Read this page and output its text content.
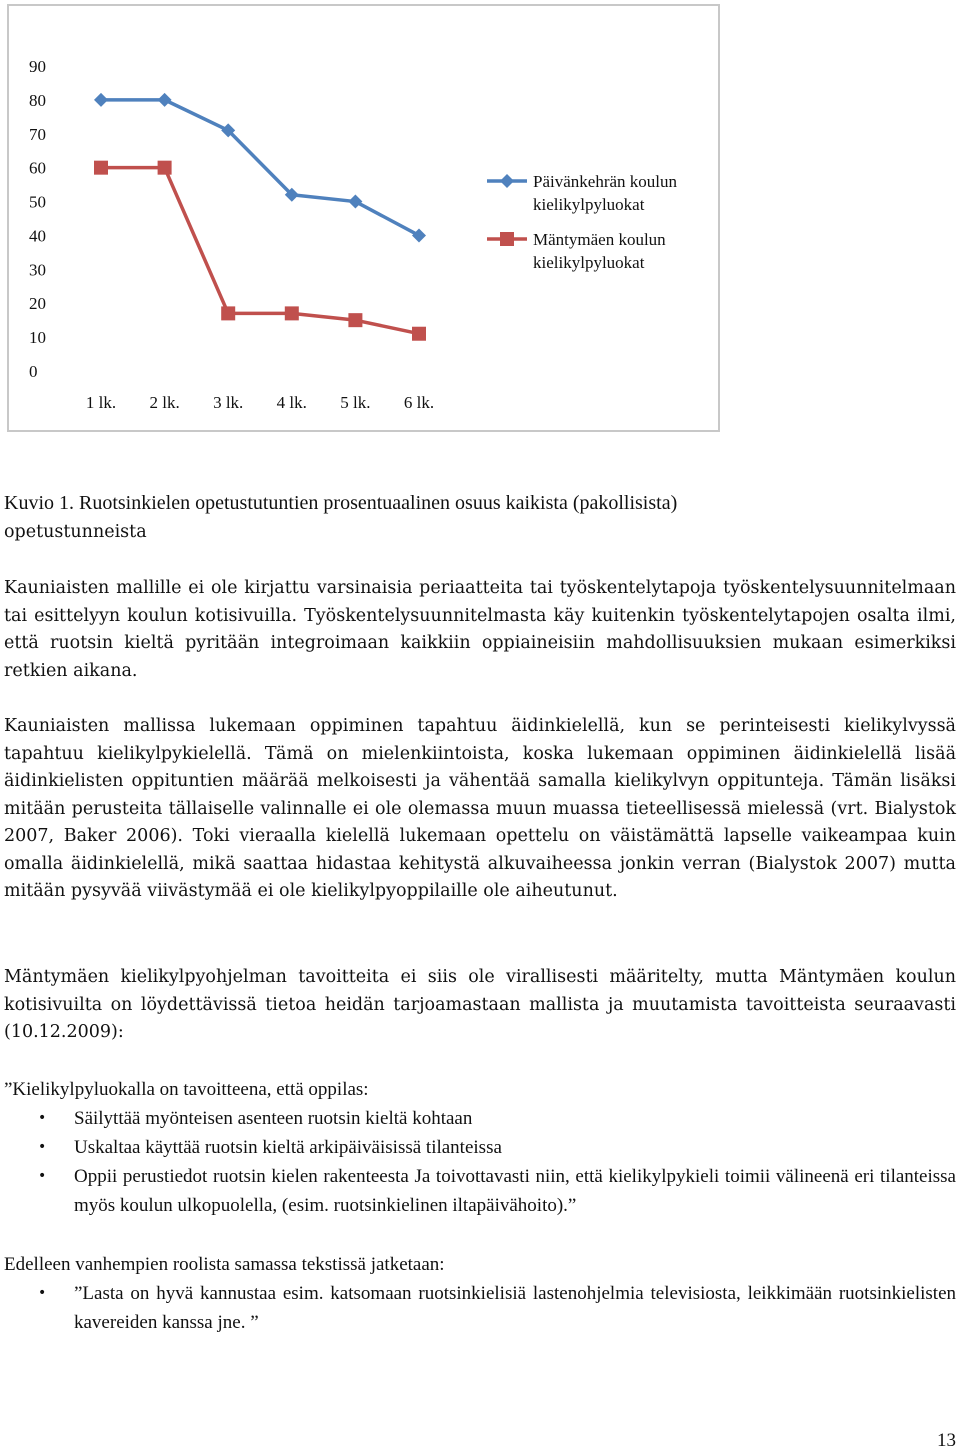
0
10
20
30
40
50
60
70
80
90
1 lk. 2 lk. 3 lk. 4 lk. 5 lk. 6 lk.
Päivänkehrän koulun
kielikylpyluokat
Mäntymäen koulun
kielikylpyluokat

Kuvio 1. Ruotsinkielen opetustutuntien prosentuaalinen osuus kaikista (pakollisista)
opetustunneista

Kauniaisten mallille ei ole kirjattu varsinaisia periaatteita tai työskentelytapoja työskentelysuunnitelmaan tai esittelyyn koulun kotisivuilla. Työskentelysuunnitelmasta käy kuitenkin työskentelytapojen osalta ilmi, että ruotsin kieltä pyritään integroimaan kaikkiin oppiaineisiin mahdollisuuksien mukaan esimerkiksi retkien aikana.

Kauniaisten mallissa lukemaan oppiminen tapahtuu äidinkielellä, kun se perinteisesti kielikylvyssä tapahtuu kielikylpykielellä. Tämä on mielenkiintoista, koska lukemaan oppiminen äidinkielellä lisää äidinkielisten oppituntien määrää melkoisesti ja vähentää samalla kielikylvyn oppitunteja. Tämän lisäksi mitään perusteita tällaiselle valinnalle ei ole olemassa muun muassa tieteellisessä mielessä (vrt. Bialystok 2007, Baker 2006). Toki vieraalla kielellä lukemaan opettelu on väistämättä lapselle vaikeampaa kuin omalla äidinkielellä, mikä saattaa hidastaa kehitystä alkuvaiheessa jonkin verran (Bialystok 2007) mutta mitään pysyvää viivästymää ei ole kielikylpyoppilaille ole aiheutunut.

Mäntymäen kielikylpyohjelman tavoitteita ei siis ole virallisesti määritelty, mutta Mäntymäen koulun kotisivuilta on löydettävissä tietoa heidän tarjoamastaan mallista ja muutamista tavoitteista seuraavasti (10.12.2009):

”Kielikylpyluokalla on tavoitteena, että oppilas:
• Säilyttää myönteisen asenteen ruotsin kieltä kohtaan
• Uskaltaa käyttää ruotsin kieltä arkipäiväisissä tilanteissa
• Oppii perustiedot ruotsin kielen rakenteesta Ja toivottavasti niin, että kielikylpykieli toimii välineenä eri tilanteissa myös koulun ulkopuolella, (esim. ruotsinkielinen iltapäivähoito).”
Edelleen vanhempien roolista samassa tekstissä jatketaan:
• ”Lasta on hyvä kannustaa esim. katsomaan ruotsinkielisiä lastenohjelmia televisiosta, leikkimään ruotsinkielisten kavereiden kanssa jne. ”
13
